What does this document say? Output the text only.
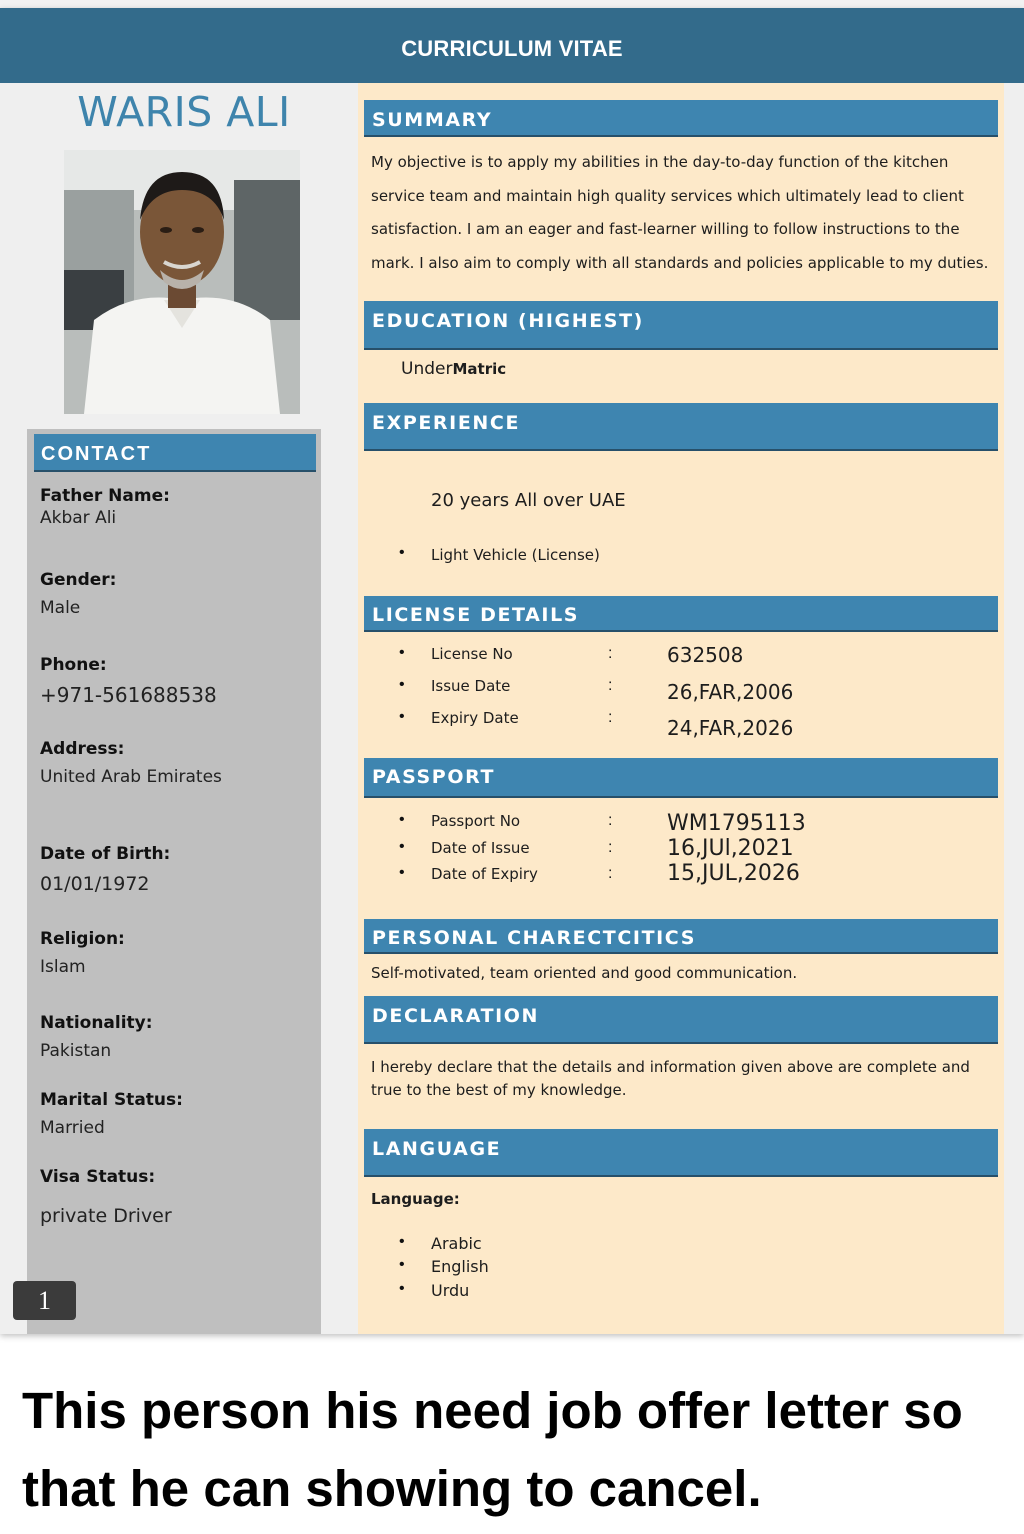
CURRICULUM VITAE
WARIS ALI
CONTACT
Father Name:
Akbar Ali
Gender:
Male
Phone:
+971-561688538
Address:
United Arab Emirates
Date of Birth:
01/01/1972
Religion:
Islam
Nationality:
Pakistan
Marital Status:
Married
Visa Status:
private Driver
1
SUMMARY
My objective is to apply my abilities in the day-to-day function of the kitchen service team and maintain high quality services which ultimately lead to client satisfaction. I am an eager and fast-learner willing to follow instructions to the mark. I also aim to comply with all standards and policies applicable to my duties.
EDUCATION (HIGHEST)
UnderMatric
EXPERIENCE
20 years All over UAE
• Light Vehicle (License)
LICENSE DETAILS
• License No	:	632508
• Issue Date	:	26,FAR,2006
• Expiry Date	:	24,FAR,2026
PASSPORT
• Passport No	: WM1795113
• Date of Issue	: 16,JUl,2021
• Date of Expiry	: 15,JUL,2026
PERSONAL CHARECTCITICS
Self-motivated, team oriented and good communication.
DECLARATION
I hereby declare that the details and information given above are complete and true to the best of my knowledge.
LANGUAGE
Language:
• Arabic
• English
• Urdu
This person his need job offer letter so that he can showing to cancel.
